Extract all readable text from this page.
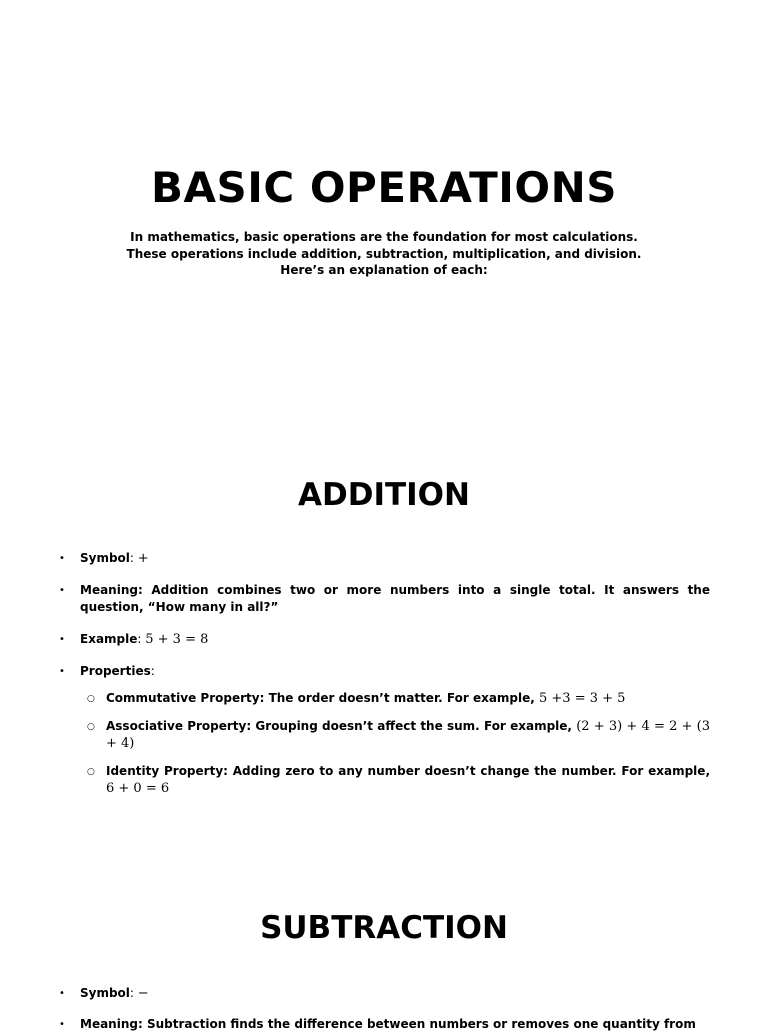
BASIC OPERATIONS

In mathematics, basic operations are the foundation for most calculations. These operations include addition, subtraction, multiplication, and division. Here’s an explanation of each:

ADDITION
• Symbol: +
• Meaning: Addition combines two or more numbers into a single total. It answers the question, “How many in all?”
• Example: 5 + 3 = 8
• Properties:
○ Commutative Property: The order doesn’t matter. For example, 5 +3 = 3 + 5
○ Associative Property: Grouping doesn’t affect the sum. For example, (2 + 3) + 4 = 2 + (3 + 4)
○ Identity Property: Adding zero to any number doesn’t change the number. For example, 6 + 0 = 6
SUBTRACTION
• Symbol: −
• Meaning: Subtraction finds the difference between numbers or removes one quantity from
